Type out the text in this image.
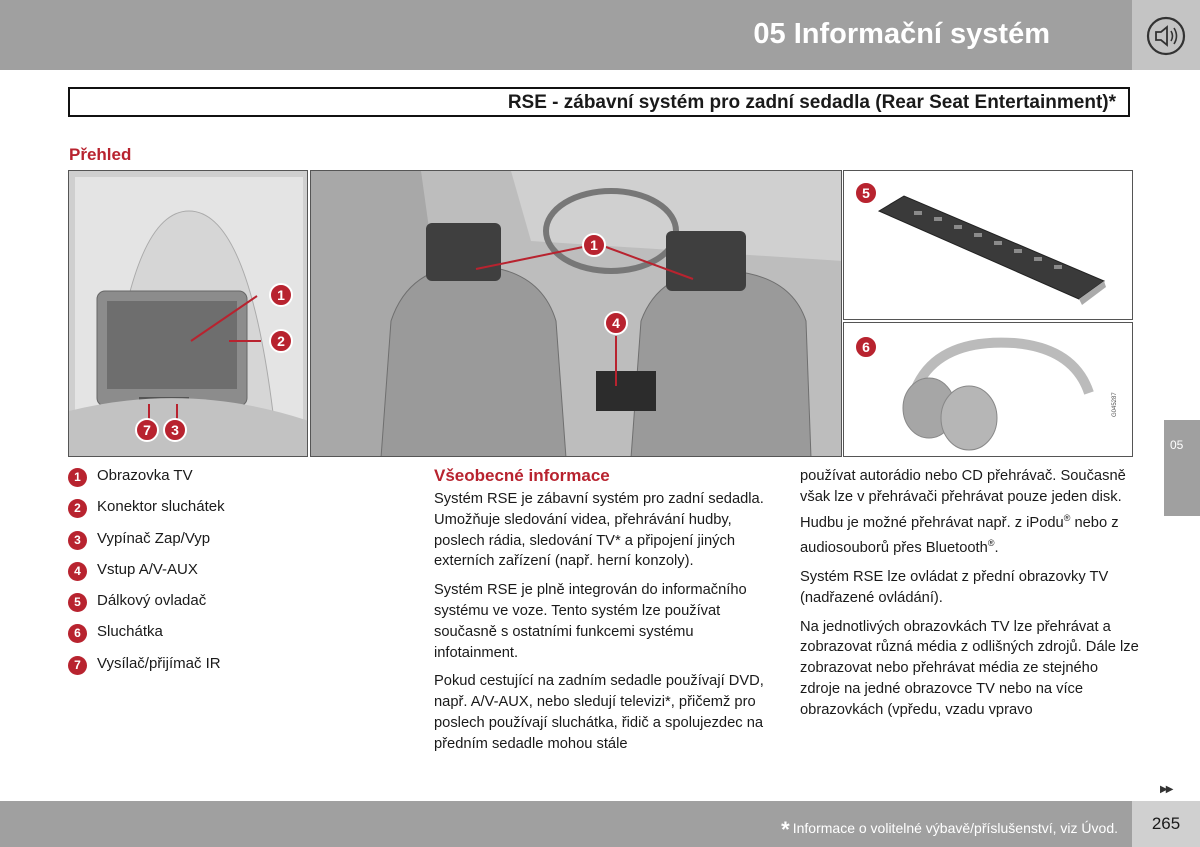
05 Informační systém
RSE - zábavní systém pro zadní sedadla (Rear Seat Entertainment)*
Přehled
1
2
7	3
1
4
5
6
G045287
1	Obrazovka TV
2	Konektor sluchátek
3	Vypínač Zap/Vyp
4	Vstup A/V-AUX
5	Dálkový ovladač
6	Sluchátka
7	Vysílač/přijímač IR
Všeobecné informace

Systém RSE je zábavní systém pro zadní sedadla. Umožňuje sledování videa, přehrávání hudby, poslech rádia, sledování TV* a připojení jiných externích zařízení (např. herní konzoly).

Systém RSE je plně integrován do informačního systému ve voze. Tento systém lze používat současně s ostatními funkcemi systému infotainment.

Pokud cestující na zadním sedadle používají DVD, např. A/V-AUX, nebo sledují televizi*, přičemž pro poslech používají sluchátka, řidič a spolujezdec na předním sedadle mohou stále

používat autorádio nebo CD přehrávač. Současně však lze v přehrávači přehrávat pouze jeden disk. Hudbu je možné přehrávat např. z iPodu® nebo z audiosouborů přes Bluetooth®.

Systém RSE lze ovládat z přední obrazovky TV (nadřazené ovládání).

Na jednotlivých obrazovkách TV lze přehrávat a zobrazovat různá média z odlišných zdrojů. Dále lze zobrazovat nebo přehrávat média ze stejného zdroje na jedné obrazovce TV nebo na více obrazovkách (vpředu, vzadu vpravo

05
▶▶
* Informace o volitelné výbavě/příslušenství, viz Úvod.	265
